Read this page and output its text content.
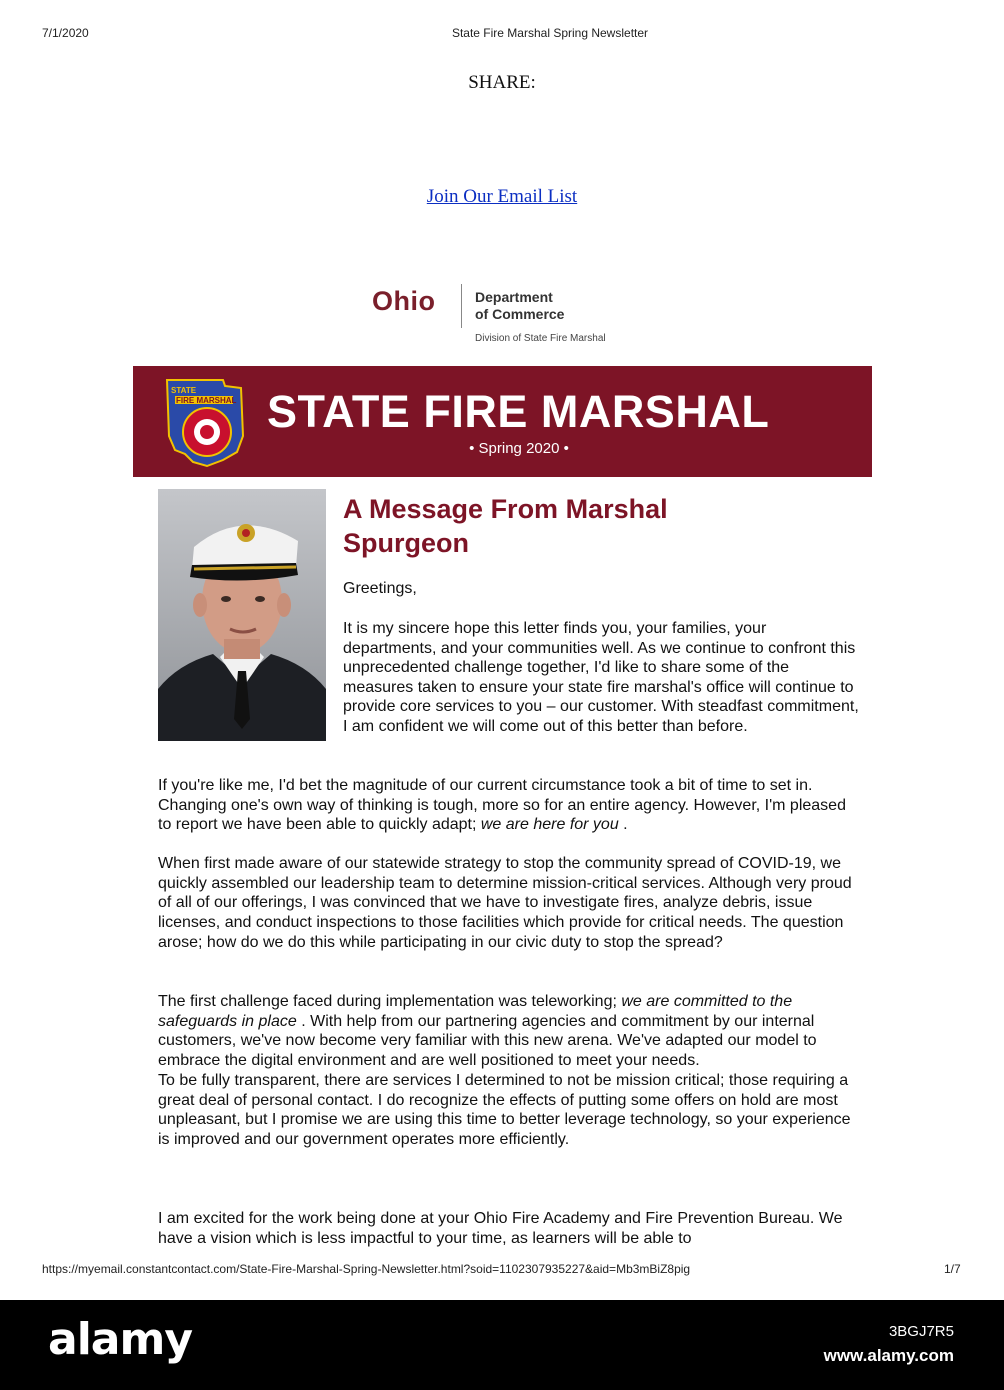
7/1/2020	State Fire Marshal Spring Newsletter
SHARE:
Join Our Email List
Ohio	Department
of Commerce
Division of State Fire Marshal
STATE
FIRE MARSHAL STATE FIRE MARSHAL
• Spring 2020 •
A Message From Marshal Spurgeon
Greetings,
It is my sincere hope this letter finds you, your families, your departments, and your communities well. As we continue to confront this unprecedented challenge together, I'd like to share some of the measures taken to ensure your state fire marshal's office will continue to provide core services to you – our customer. With steadfast commitment, I am confident we will come out of this better than before.
If you're like me, I'd bet the magnitude of our current circumstance took a bit of time to set in. Changing one's own way of thinking is tough, more so for an entire agency. However, I'm pleased to report we have been able to quickly adapt; we are here for you .
When first made aware of our statewide strategy to stop the community spread of COVID-19, we quickly assembled our leadership team to determine mission-critical services. Although very proud of all of our offerings, I was convinced that we have to investigate fires, analyze debris, issue licenses, and conduct inspections to those facilities which provide for critical needs. The question arose; how do we do this while participating in our civic duty to stop the spread?
The first challenge faced during implementation was teleworking; we are committed to the safeguards in place . With help from our partnering agencies and commitment by our internal customers, we've now become very familiar with this new arena. We've adapted our model to embrace the digital environment and are well positioned to meet your needs.
To be fully transparent, there are services I determined to not be mission critical; those requiring a great deal of personal contact. I do recognize the effects of putting some offers on hold are most unpleasant, but I promise we are using this time to better leverage technology, so your experience is improved and our government operates more efficiently.
I am excited for the work being done at your Ohio Fire Academy and Fire Prevention Bureau. We have a vision which is less impactful to your time, as learners will be able to
https://myemail.constantcontact.com/State-Fire-Marshal-Spring-Newsletter.html?soid=1102307935227&aid=Mb3mBiZ8pig	1/7
alamy	3BGJ7R5
www.alamy.com
